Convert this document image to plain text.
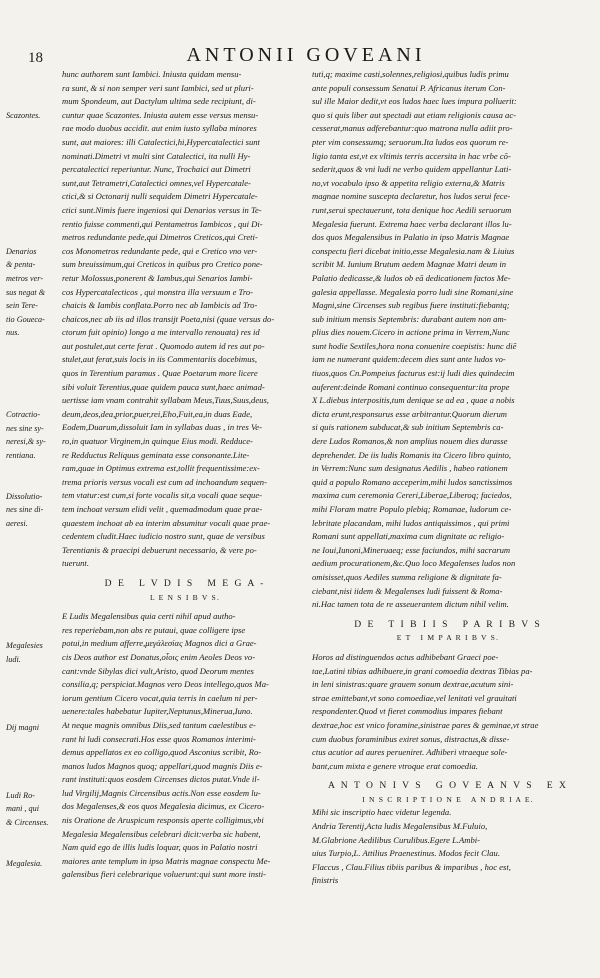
18	ANTONII GOVEANI
Scazontes.
Denarios
& penta-
metros ver-
sus negat &
sein Tere-
tio Goueca-
nus.
Cotractio-
nes sine sy-
neresi,& sy-
rentiana.
Dissolutio-
nes sine di-
aeresi.
Megalesies
ludi.
Dij magni
Ludi Ro-
mani , qui
& Circenses.
Megalesia.
hunc authorem sunt Iambici. Iniusta quidam mensu-
ra sunt, & si non semper veri sunt Iambici, sed ut pluri-
mum Spondeum, aut Dactylum ultima sede recipiunt, di-
cuntur quae Scazontes. Iniusta autem esse versus mensu-
rae modo duobus accidit. aut enim iusto syllaba minores
sunt, aut maiores: illi Catalectici,hi,Hypercatalectici sunt
nominati.Dimetri vt multi sint Catalectici, ita nulli Hy-
percatalectici reperiuntur. Nunc, Trochaici aut Dimetri
sunt,aut Tetrametri,Catalectici omnes,vel Hypercatale-
ctici,& si Octonarij nulli sequidem Dimetri Hypercatale-
ctici sunt.Nimis fuere ingeniosi qui Denarios versus in Te-
rentio fuisse commenti,qui Pentametros Iambicos , qui Di-
metros redundante pede,qui Dimetros Creticos,qui Creti-
cos Monometros redundante pede, qui e Cretico vno ver-
sum breuissimum,qui Creticos in quibus pro Cretico pone-
retur Molossus,ponerent & Iambus,qui Senarios Iambi-
cos Hypercatalecticos , qui monstra illa versuum e Tro-
chaicis & Iambis conflata.Porro nec ab Iambicis ad Tro-
chaicos,nec ab iis ad illos transijt Poeta,nisi (quae versus do-
ctorum fuit opinio) longo a me intervallo renouata) res id
aut postulet,aut certe ferat . Quomodo autem id res aut po-
stulet,aut ferat,suis locis in iis Commentariis docebimus,
quos in Terentium paramus . Quae Poetarum more licere
sibi voluit Terentius,quae quidem pauca sunt,haec animad-
uertisse iam vnam contrahit syllabam Meus,Tuus,Suus,deus,
deum,deos,dea,prior,puer,rei,Eho,Fuit,ea,in duas Eade,
Eodem,Duarum,dissoluit Iam in syllabas duas , in tres Ve-
ro,in quatuor Virginem,in quinque Eius modi. Redduce-
re Redductus Reliquus geminata esse consonante.Lite-
ram,quae in Optimus extrema est,tollit frequentissime:ex-
trema prioris versus vocali est cum ad inchoandum sequen-
tem vtatur:est cum,si forte vocalis sit,a vocali quae seque-
tem inchoat versum elidi velit , quemadmodum quae prae-
quaestem inchoat ab ea interim absumitur vocali quae prae-
cedentem cludit.Haec iudicio nostro sunt, quae de versibus
Terentianis & praecipi debuerunt necessario, & vere po-
tuerunt.
D E   L V D I S   M E G A -
L E N S I B V S.
E Ludis Megalensibus quia certi nihil apud autho-
res reperiebam,non abs re putaui, quae colligere ipse
potui,in medium afferre,μεγάλεσίας Magnos dici a Grae-
cis Deos author est Donatus,οἷοις enim Aeoles Deos vo-
cant:vnde Sibylas dici vult,Aristo, quod Deorum mentes
consilia,q; perspiciat.Magnos vero Deos intellego,quos Ma-
iorum gentium Cicero vocat,quia terris in caelum ni per-
uenere:tales habebatur Iupiter,Neptunus,Minerua,Iuno.
At neque magnis omnibus Diis,sed tantum caelestibus e-
rant hi ludi consecrati.Hos esse quos Romanos interimi-
demus appellatos ex eo colligo,quod Asconius scribit, Ro-
manos ludos Magnos quoq; appellari,quod magnis Diis e-
rant instituti:quos eosdem Circenses dictos putat.Vnde il-
lud Virgilij,Magnis Circensibus actis.Non esse eosdem lu-
dos Megalenses,& eos quos Megalesia dicimus, ex Cicero-
nis Oratione de Aruspicum responsis aperte colligimus,vbi
Megalesia Megalensibus celebrari dicit:verba sic habent,
Nam quid ego de illis ludis loquar, quos in Palatio nostri
maiores ante templum in ipso Matris magnae conspectu Me-
galensibus fieri celebrarique voluerunt:qui sunt more insti-
tuti,q; maxime casti,solennes,religiosi,quibus ludis primu
ante populi consessum Senatui P. Africanus iterum Con-
sul ille Maior dedit,vt eos ludos haec lues impura polluerit:
quo si quis liber aut spectadi aut etiam religionis causa ac-
cesserat,manus adferebantur:quo matrona nulla adiit pro-
pter vim consessumq; seruorum.Ita ludos eos quorum re-
ligio tanta est,vt ex vltimis terris accersita in hac vrbe cō-
sederit,quos & vni ludi ne verbo quidem appellantur Lati-
no,vt vocabulo ipso & appetita religio externa,& Matris
magnae nomine suscepta declaretur, hos ludos serui fece-
runt,serui spectauerunt, tota denique hoc Aedili seruorum
Megalesia fuerunt. Extrema haec verba declarant illos lu-
dos quos Megalensibus in Palatio in ipso Matris Magnae
conspectu fieri dicebat initio,esse Megalesia.nam & Liuius
scribit M. Iunium Brutum aedem Magnae Matri deum in
Palatio dedicasse,& ludos ob eā dedicationem factos Me-
galesia appellasse. Megalesia porro ludi sine Romani,sine
Magni,sine Circenses sub regibus fuere instituti:fiebantq;
sub initium mensis Septembris: durabant autem non am-
plius dies nouem.Cicero in actione prima in Verrem,Nunc
sunt hodie Sextiles,hora nona conuenire coepistis: hunc diē
iam ne numerant quidem:decem dies sunt ante ludos vo-
tiuos,quos Cn.Pompeius facturus est:ij ludi dies quindecim
auferent:deinde Romani continuo consequentur:ita prope
X L.diebus interpositis,tum denique se ad ea , quae a nobis
dicta erunt,responsurus esse arbitrantur.Quorum dierum
si quis rationem subducat,& sub initium Septembris ca-
dere Ludos Romanos,& non amplius nouem dies durasse
deprehendet. De iis ludis Romanis ita Cicero libro quinto,
in Verrem:Nunc sum designatus Aedilis , habeo rationem
quid a populo Romano acceperim,mihi ludos sanctissimos
maxima cum ceremonia Cereri,Liberae,Liberoq; faciedos,
mihi Floram matre Populo plebiq; Romanae, ludorum ce-
lebritate placandam, mihi ludos antiquissimos , qui primi
Romani sunt appellati,maxima cum dignitate ac religio-
ne Ioui,Iunoni,Mineruaeq; esse faciundos, mihi sacrarum
aedium procurationem,&c.Quo loco Megalenses ludos non
omisisset,quos Aediles summa religione & dignitate fa-
ciebant,nisi iidem & Megalenses ludi fuissent & Roma-
ni.Hac tamen tota de re asseuerantem dictum nihil velim.
D E   T I B I I S   P A R I B V S
E T   I M P A R I B V S.
Horos ad distinguendos actus adhibebant Graeci poe-
tae,Latini tibias adhibuere,in grani comoedia dextras Tibias pa-
in leni sinistras:quare grauem sonum dextrae,acutum sini-
strae emittebant,vt sono comoediae,vel lenitati vel grauitati
respondenter.Quod vt fieret commodius impares fiebant
dextrae,hoc est vnico foramine,sinistrae pares & geminae,vt strae
cum duobus foraminibus exiret sonus, distractus,& disse-
ctus acutior ad aures perueniret. Adhiberi vtraeque sole-
bant,cum mixta e genere vtroque erat comoedia.
A N T O N I V S   G O V E A N V S   E X
I N S C R I P T I O N E   A N D R I A E.
Mihi sic inscriptio haec videtur legenda.
Andria Terentij,Acta ludis Megalensibus M.Fuluio,
M.Glabrione Aedilibus Curulibus.Egere L.Ambi-
uius Turpio,L. Attilius Praenestinus. Modos fecit Clau.
Flaccus , Clau.Filius tibiis paribus & imparibus , hoc est,
finistris
